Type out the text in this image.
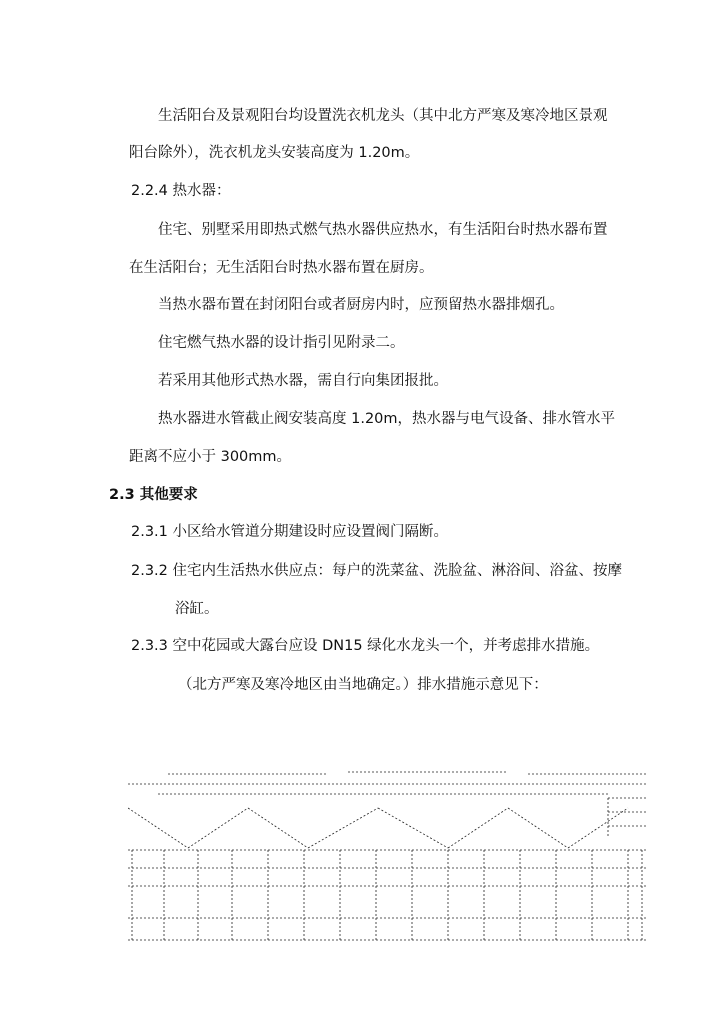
生活阳台及景观阳台均设置洗衣机龙头（其中北方严寒及寒冷地区景观
阳台除外），洗衣机龙头安装高度为 1.20m。
2.2.4 热水器：
住宅、别墅采用即热式燃气热水器供应热水，有生活阳台时热水器布置
在生活阳台；无生活阳台时热水器布置在厨房。
当热水器布置在封闭阳台或者厨房内时，应预留热水器排烟孔。
住宅燃气热水器的设计指引见附录二。
若采用其他形式热水器，需自行向集团报批。
热水器进水管截止阀安装高度 1.20m，热水器与电气设备、排水管水平
距离不应小于 300mm。
2.3 其他要求
2.3.1 小区给水管道分期建设时应设置阀门隔断。
2.3.2 住宅内生活热水供应点：每户的洗菜盆、洗脸盆、淋浴间、浴盆、按摩
浴缸。
2.3.3 空中花园或大露台应设 DN15 绿化水龙头一个，并考虑排水措施。
（北方严寒及寒冷地区由当地确定。）排水措施示意见下：
